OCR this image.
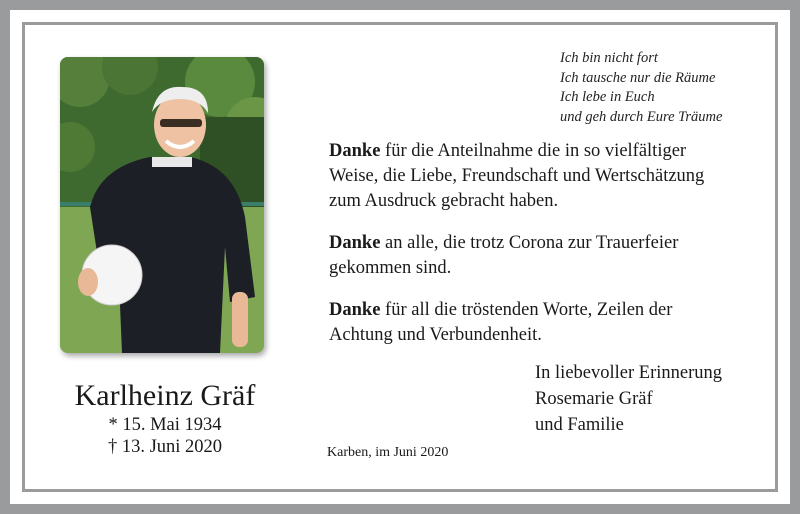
Ich bin nicht fort
Ich tausche nur die Räume
Ich lebe in Euch
und geh durch Eure Träume
Danke für die Anteilnahme die in so vielfältiger
Weise, die Liebe, Freundschaft und Wertschätzung
zum Ausdruck gebracht haben.
Danke an alle, die trotz Corona zur Trauerfeier
gekommen sind.
Danke für all die tröstenden Worte, Zeilen der
Achtung und Verbundenheit.
In liebevoller Erinnerung
Rosemarie Gräf
und Familie
Karlheinz Gräf
* 15. Mai 1934
† 13. Juni 2020	Karben, im Juni 2020
